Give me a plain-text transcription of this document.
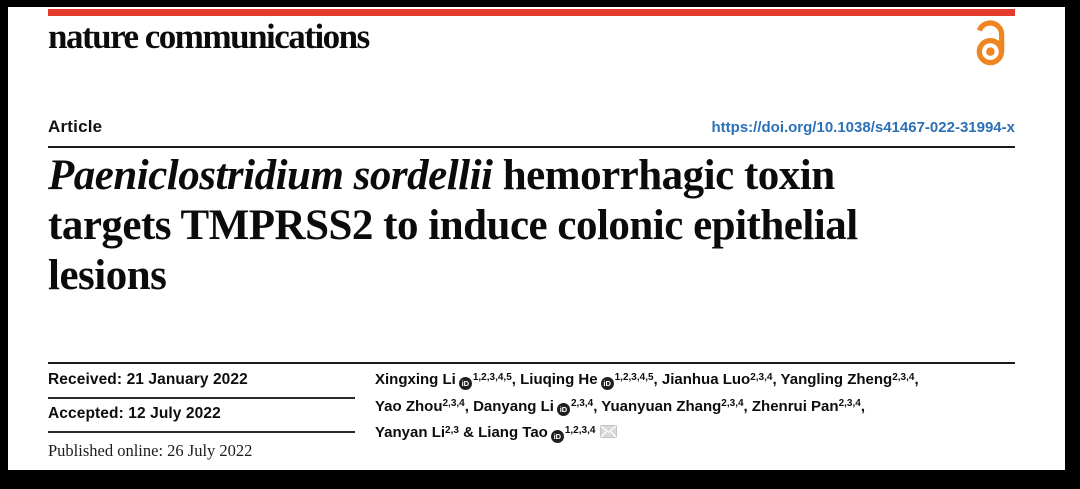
nature communications
Article	https://doi.org/10.1038/s41467-022-31994-x
Paeniclostridium sordellii hemorrhagic toxin
targets TMPRSS2 to induce colonic epithelial
lesions
Received: 21 January 2022
Accepted: 12 July 2022
Published online: 26 July 2022
Xingxing Li iD
$^{1,2,3,4,5}$, Liuqing He iD
$^{1,2,3,4,5}$, Jianhua Luo$^{2,3,4}$, Yangling Zheng$^{2,3,4}$,
Yao Zhou$^{2,3,4}$, Danyang Li iD
$^{2,3,4}$, Yuanyuan Zhang$^{2,3,4}$, Zhenrui Pan$^{2,3,4}$,
Yanyan Li$^{2,3}$ & Liang Tao iD
$^{1,2,3,4}$
